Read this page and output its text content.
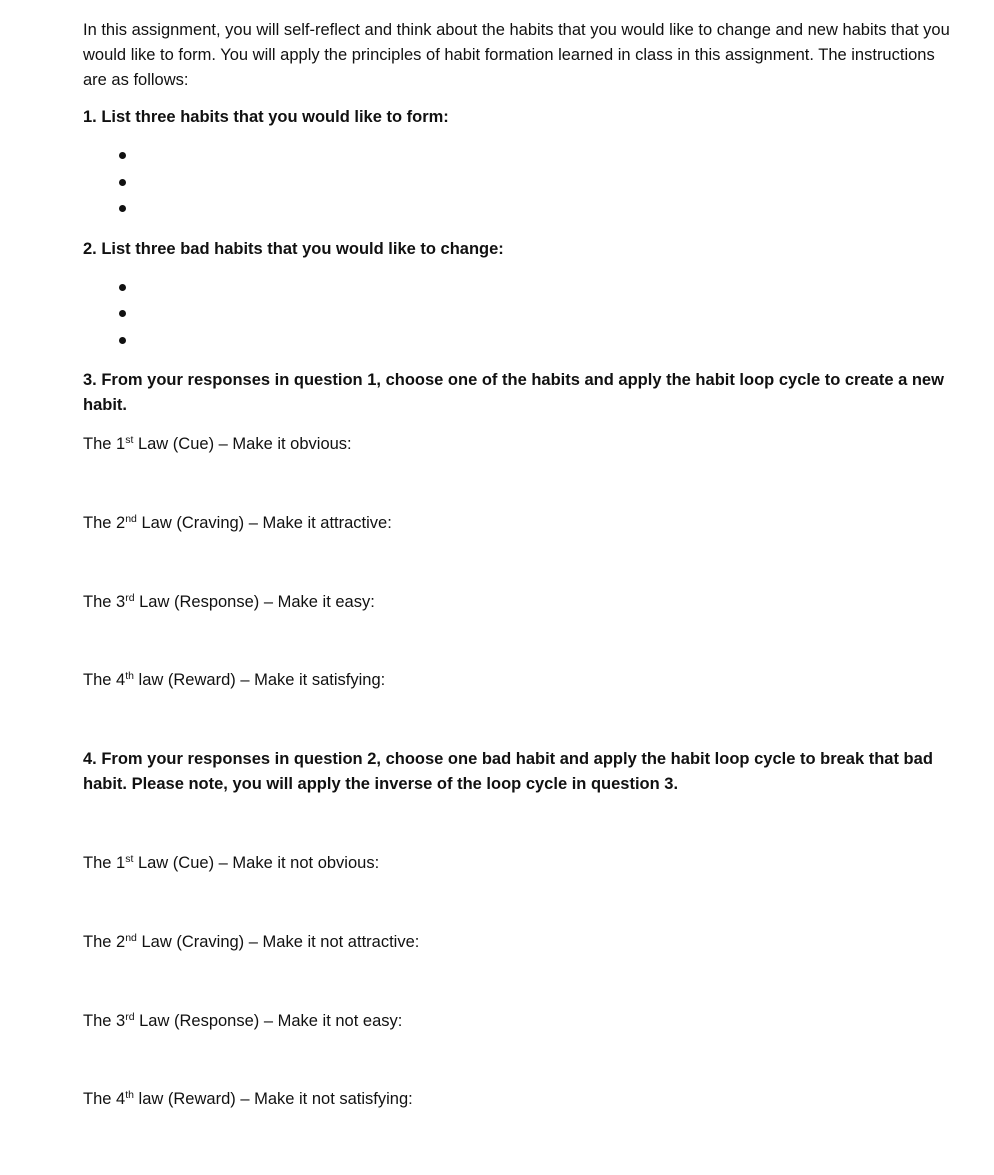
In this assignment, you will self-reflect and think about the habits that you would like to change and new habits that you would like to form. You will apply the principles of habit formation learned in class in this assignment. The instructions are as follows:

1. List three habits that you would like to form:

2. List three bad habits that you would like to change:

3. From your responses in question 1, choose one of the habits and apply the habit loop cycle to create a new habit.

The 1st Law (Cue) – Make it obvious:

The 2nd Law (Craving) – Make it attractive:

The 3rd Law (Response) – Make it easy:

The 4th law (Reward) – Make it satisfying:

4. From your responses in question 2, choose one bad habit and apply the habit loop cycle to break that bad habit. Please note, you will apply the inverse of the loop cycle in question 3.

The 1st Law (Cue) – Make it not obvious:

The 2nd Law (Craving) – Make it not attractive:

The 3rd Law (Response) – Make it not easy:

The 4th law (Reward) – Make it not satisfying:
